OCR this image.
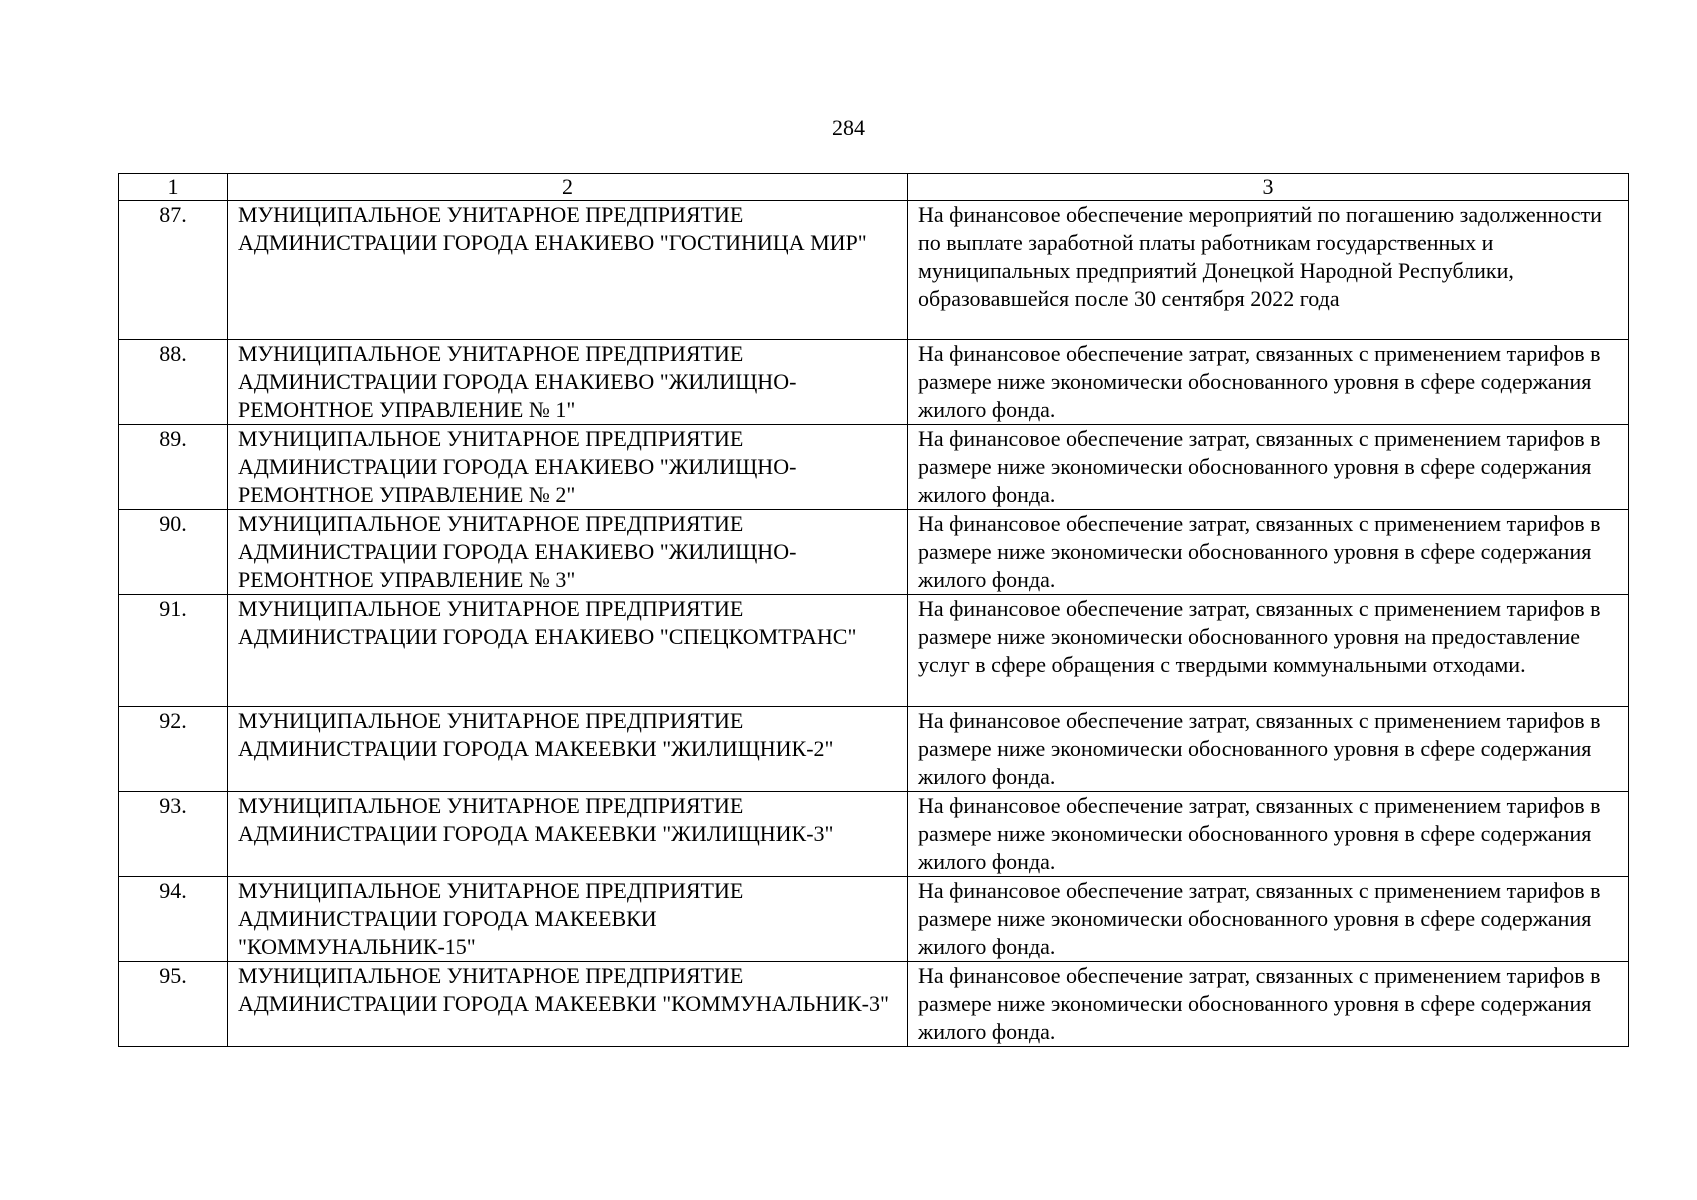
284
1	2	3
87.	МУНИЦИПАЛЬНОЕ УНИТАРНОЕ ПРЕДПРИЯТИЕ АДМИНИСТРАЦИИ ГОРОДА ЕНАКИЕВО "ГОСТИНИЦА МИР"	На финансовое обеспечение мероприятий по погашению задолженности по выплате заработной платы работникам государственных и муниципальных предприятий Донецкой Народной Республики, образовавшейся после 30 сентября 2022 года
88.	МУНИЦИПАЛЬНОЕ УНИТАРНОЕ ПРЕДПРИЯТИЕ АДМИНИСТРАЦИИ ГОРОДА ЕНАКИЕВО "ЖИЛИЩНО-РЕМОНТНОЕ УПРАВЛЕНИЕ № 1"	На финансовое обеспечение затрат, связанных с применением тарифов в размере ниже экономически обоснованного уровня в сфере содержания жилого фонда.
89.	МУНИЦИПАЛЬНОЕ УНИТАРНОЕ ПРЕДПРИЯТИЕ АДМИНИСТРАЦИИ ГОРОДА ЕНАКИЕВО "ЖИЛИЩНО-РЕМОНТНОЕ УПРАВЛЕНИЕ № 2"	На финансовое обеспечение затрат, связанных с применением тарифов в размере ниже экономически обоснованного уровня в сфере содержания жилого фонда.
90.	МУНИЦИПАЛЬНОЕ УНИТАРНОЕ ПРЕДПРИЯТИЕ АДМИНИСТРАЦИИ ГОРОДА ЕНАКИЕВО "ЖИЛИЩНО-РЕМОНТНОЕ УПРАВЛЕНИЕ № 3"	На финансовое обеспечение затрат, связанных с применением тарифов в размере ниже экономически обоснованного уровня в сфере содержания жилого фонда.
91.	МУНИЦИПАЛЬНОЕ УНИТАРНОЕ ПРЕДПРИЯТИЕ АДМИНИСТРАЦИИ ГОРОДА ЕНАКИЕВО "СПЕЦКОМТРАНС"	На финансовое обеспечение затрат, связанных с применением тарифов в размере ниже экономически обоснованного уровня на предоставление услуг в сфере обращения с твердыми коммунальными отходами.
92.	МУНИЦИПАЛЬНОЕ УНИТАРНОЕ ПРЕДПРИЯТИЕ АДМИНИСТРАЦИИ ГОРОДА МАКЕЕВКИ "ЖИЛИЩНИК-2"	На финансовое обеспечение затрат, связанных с применением тарифов в размере ниже экономически обоснованного уровня в сфере содержания жилого фонда.
93.	МУНИЦИПАЛЬНОЕ УНИТАРНОЕ ПРЕДПРИЯТИЕ АДМИНИСТРАЦИИ ГОРОДА МАКЕЕВКИ "ЖИЛИЩНИК-3"	На финансовое обеспечение затрат, связанных с применением тарифов в размере ниже экономически обоснованного уровня в сфере содержания жилого фонда.
94.	МУНИЦИПАЛЬНОЕ УНИТАРНОЕ ПРЕДПРИЯТИЕ АДМИНИСТРАЦИИ ГОРОДА МАКЕЕВКИ "КОММУНАЛЬНИК-15"	На финансовое обеспечение затрат, связанных с применением тарифов в размере ниже экономически обоснованного уровня в сфере содержания жилого фонда.
95.	МУНИЦИПАЛЬНОЕ УНИТАРНОЕ ПРЕДПРИЯТИЕ АДМИНИСТРАЦИИ ГОРОДА МАКЕЕВКИ "КОММУНАЛЬНИК-3"	На финансовое обеспечение затрат, связанных с применением тарифов в размере ниже экономически обоснованного уровня в сфере содержания жилого фонда.
